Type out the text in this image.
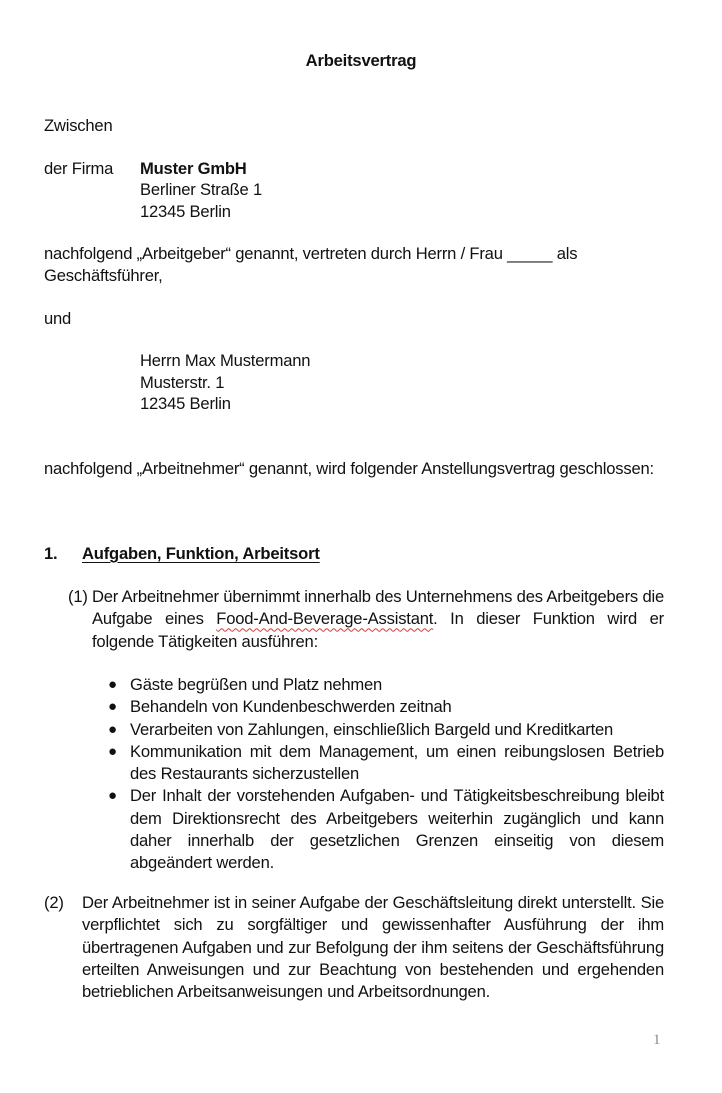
Arbeitsvertrag
Zwischen
der Firma Muster GmbH
Berliner Straße 1
12345 Berlin
nachfolgend „Arbeitgeber“ genannt, vertreten durch Herrn / Frau _____ als
Geschäftsführer,
und
Herrn Max Mustermann
Musterstr. 1
12345 Berlin
nachfolgend „Arbeitnehmer“ genannt, wird folgender Anstellungsvertrag geschlossen:
1. Aufgaben, Funktion, Arbeitsort
(1) Der Arbeitnehmer übernimmt innerhalb des Unternehmens des Arbeitgebers die Aufgabe eines Food-And-Beverage-Assistant. In dieser Funktion wird er folgende Tätigkeiten ausführen:
● Gäste begrüßen und Platz nehmen
● Behandeln von Kundenbeschwerden zeitnah
● Verarbeiten von Zahlungen, einschließlich Bargeld und Kreditkarten
● Kommunikation mit dem Management, um einen reibungslosen Betrieb des Restaurants sicherzustellen
● Der Inhalt der vorstehenden Aufgaben- und Tätigkeitsbeschreibung bleibt dem Direktionsrecht des Arbeitgebers weiterhin zugänglich und kann daher innerhalb der gesetzlichen Grenzen einseitig von diesem abgeändert werden.
(2) Der Arbeitnehmer ist in seiner Aufgabe der Geschäftsleitung direkt unterstellt. Sie verpflichtet sich zu sorgfältiger und gewissenhafter Ausführung der ihm übertragenen Aufgaben und zur Befolgung der ihm seitens der Geschäftsführung erteilten Anweisungen und zur Beachtung von bestehenden und ergehenden betrieblichen Arbeitsanweisungen und Arbeitsordnungen.
1
